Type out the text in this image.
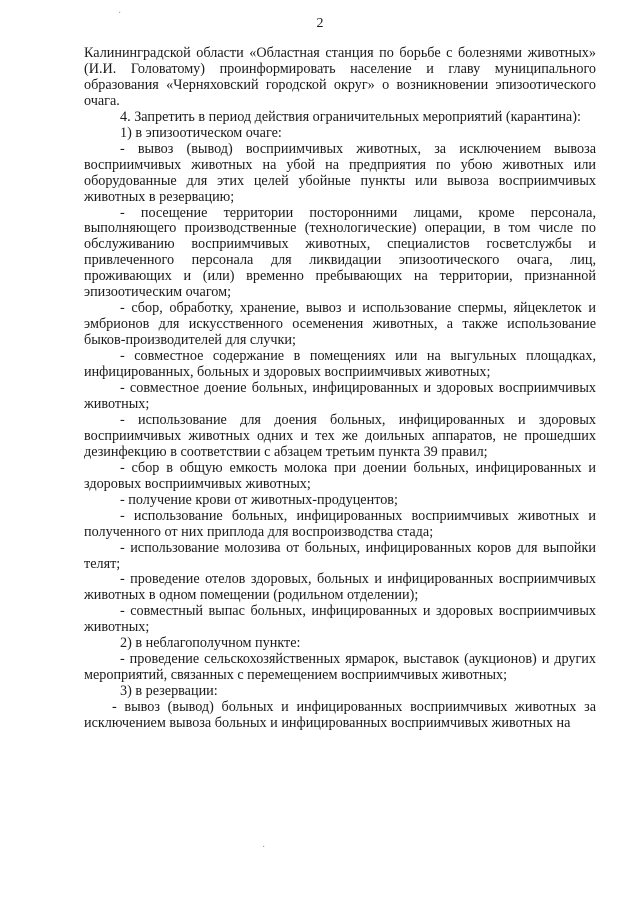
2

Калининградской области «Областная станция по борьбе с болезнями животных» (И.И. Головатому) проинформировать население и главу муниципального образования «Черняховский городской округ» о возникновении эпизоотического очага.

4. Запретить в период действия ограничительных мероприятий (карантина):

1) в эпизоотическом очаге:

- вывоз (вывод) восприимчивых животных, за исключением вывоза восприимчивых животных на убой на предприятия по убою животных или оборудованные для этих целей убойные пункты или вывоза восприимчивых животных в резервацию;

- посещение территории посторонними лицами, кроме персонала, выполняющего производственные (технологические) операции, в том числе по обслуживанию восприимчивых животных, специалистов госветслужбы и привлеченного персонала для ликвидации эпизоотического очага, лиц, проживающих и (или) временно пребывающих на территории, признанной эпизоотическим очагом;

- сбор, обработку, хранение, вывоз и использование спермы, яйцеклеток и эмбрионов для искусственного осеменения животных, а также использование быков-производителей для случки;

- совместное содержание в помещениях или на выгульных площадках, инфицированных, больных и здоровых восприимчивых животных;

- совместное доение больных, инфицированных и здоровых восприимчивых животных;

- использование для доения больных, инфицированных и здоровых восприимчивых животных одних и тех же доильных аппаратов, не прошедших дезинфекцию в соответствии с абзацем третьим пункта 39 правил;

- сбор в общую емкость молока при доении больных, инфицированных и здоровых восприимчивых животных;

- получение крови от животных-продуцентов;

- использование больных, инфицированных восприимчивых животных и полученного от них приплода для воспроизводства стада;

- использование молозива от больных, инфицированных коров для выпойки телят;

- проведение отелов здоровых, больных и инфицированных восприимчивых животных в одном помещении (родильном отделении);

- совместный выпас больных, инфицированных и здоровых восприимчивых животных;

2) в неблагополучном пункте:

- проведение сельскохозяйственных ярмарок, выставок (аукционов) и других мероприятий, связанных с перемещением восприимчивых животных;

3) в резервации:

- вывоз (вывод) больных и инфицированных восприимчивых животных за исключением вывоза больных и инфицированных восприимчивых животных на

·
·
